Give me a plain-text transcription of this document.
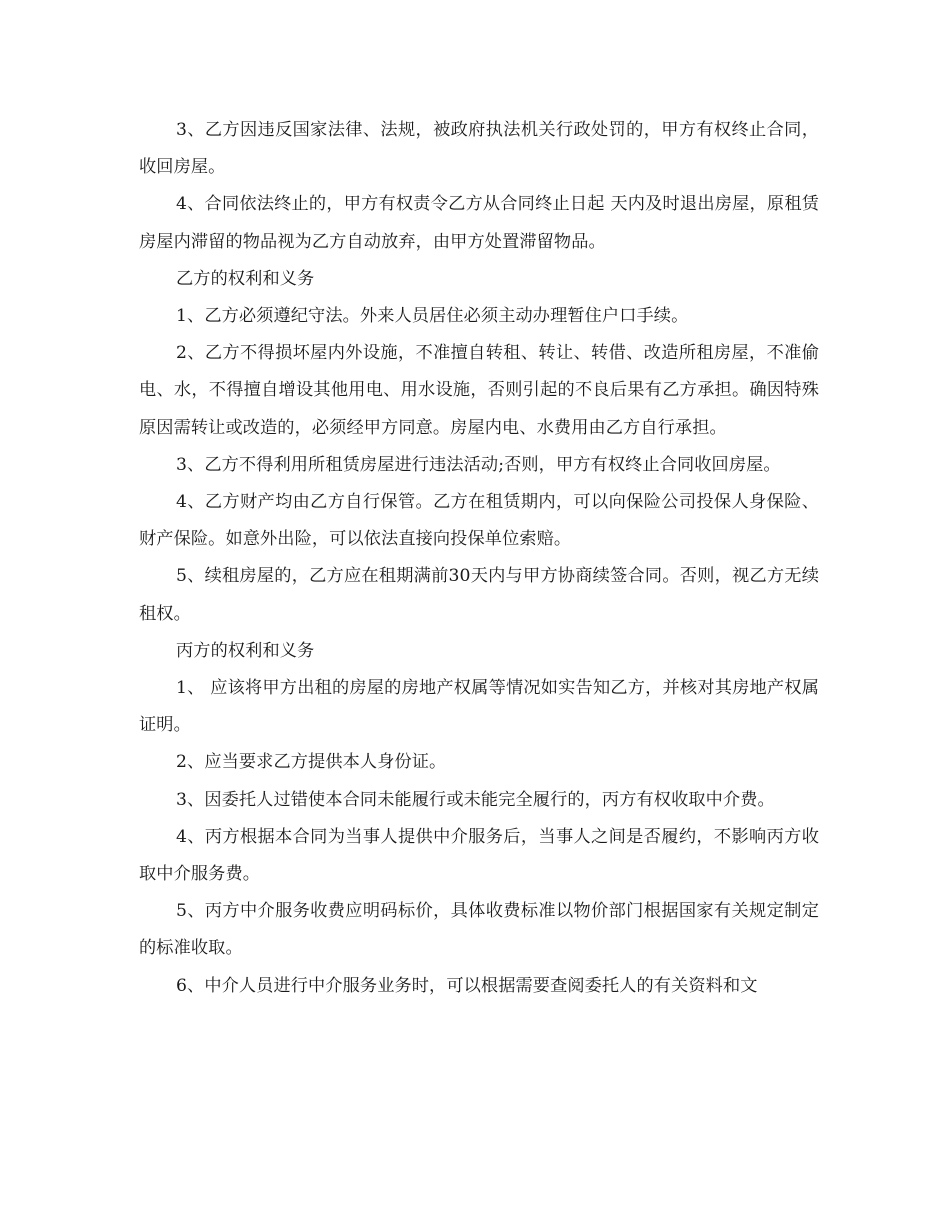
3、乙方因违反国家法律、法规，被政府执法机关行政处罚的，甲方有权终止合同，收回房屋。

4、合同依法终止的，甲方有权责令乙方从合同终止日起 天内及时退出房屋，原租赁房屋内滞留的物品视为乙方自动放弃，由甲方处置滞留物品。

乙方的权利和义务

1、乙方必须遵纪守法。外来人员居住必须主动办理暂住户口手续。

2、乙方不得损坏屋内外设施，不准擅自转租、转让、转借、改造所租房屋，不准偷电、水，不得擅自增设其他用电、用水设施，否则引起的不良后果有乙方承担。确因特殊原因需转让或改造的，必须经甲方同意。房屋内电、水费用由乙方自行承担。

3、乙方不得利用所租赁房屋进行违法活动;否则，甲方有权终止合同收回房屋。

4、乙方财产均由乙方自行保管。乙方在租赁期内，可以向保险公司投保人身保险、财产保险。如意外出险，可以依法直接向投保单位索赔。

5、续租房屋的，乙方应在租期满前30天内与甲方协商续签合同。否则，视乙方无续租权。

丙方的权利和义务

1、 应该将甲方出租的房屋的房地产权属等情况如实告知乙方，并核对其房地产权属证明。

2、应当要求乙方提供本人身份证。

3、因委托人过错使本合同未能履行或未能完全履行的，丙方有权收取中介费。

4、丙方根据本合同为当事人提供中介服务后，当事人之间是否履约，不影响丙方收取中介服务费。

5、丙方中介服务收费应明码标价，具体收费标准以物价部门根据国家有关规定制定的标准收取。

6、中介人员进行中介服务业务时，可以根据需要查阅委托人的有关资料和文
